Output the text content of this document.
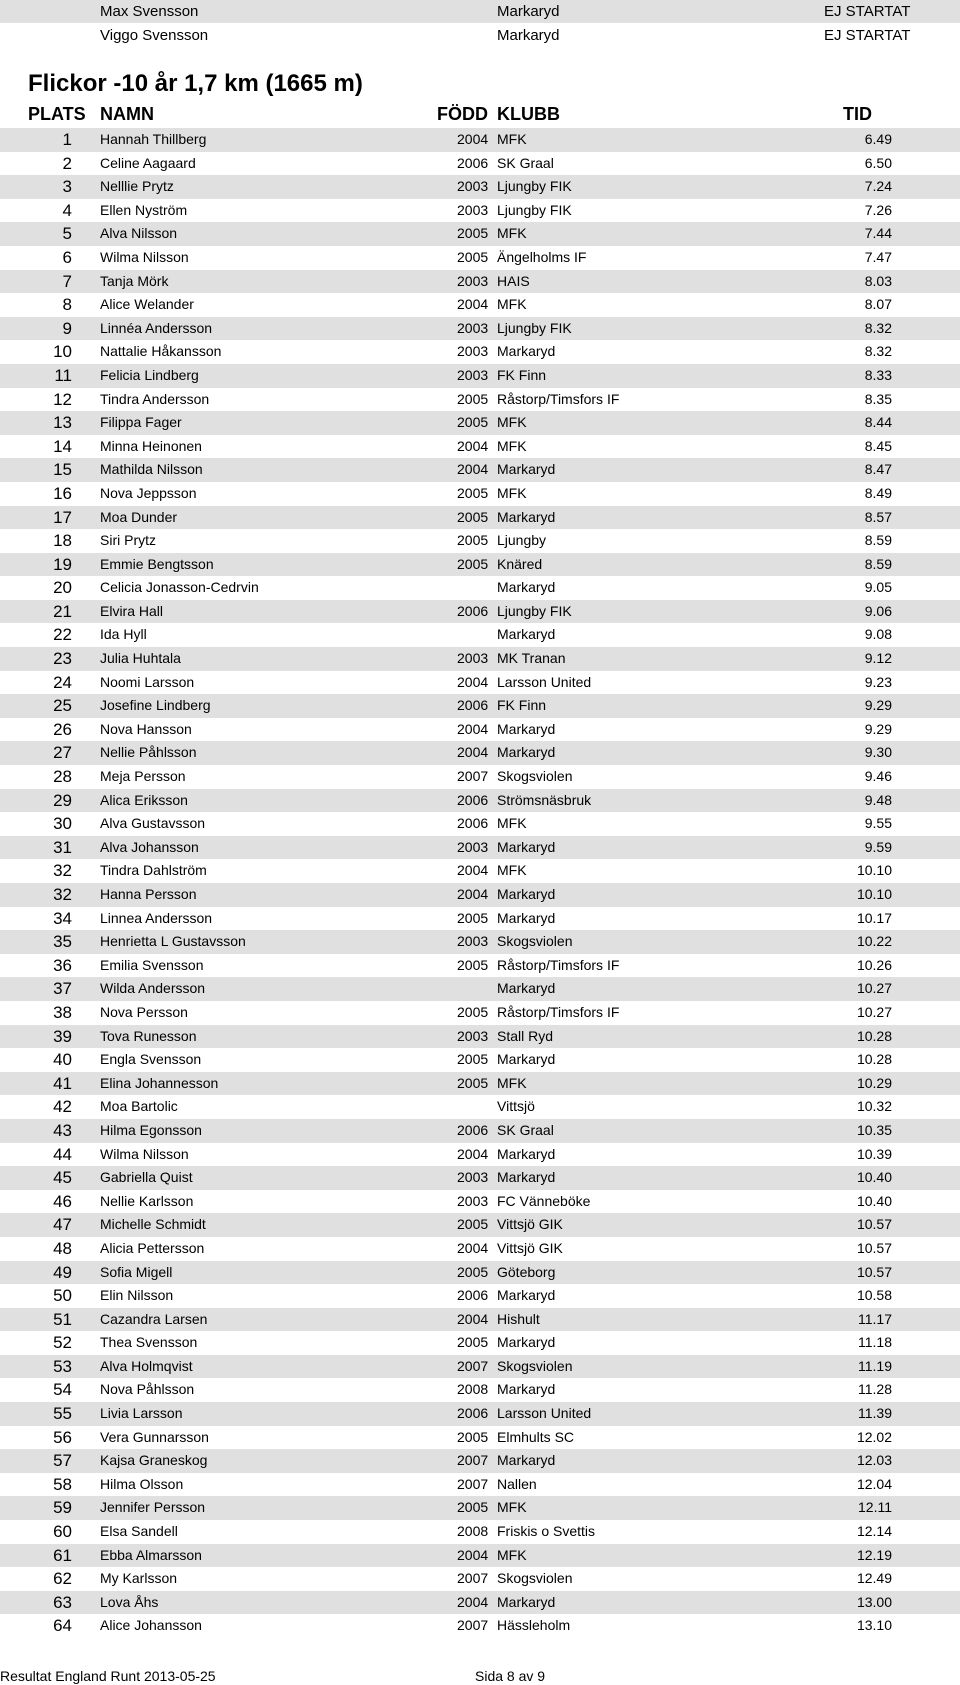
Max Svensson	Markaryd	EJ STARTAT
Viggo Svensson	Markaryd	EJ STARTAT
Flickor -10 år 1,7 km (1665 m)
PLATS NAMN	FÖDD KLUBB	TID
1 Hannah Thillberg	2004 MFK	6.49
2 Celine Aagaard	2006 SK Graal	6.50
3 Nelllie Prytz	2003 Ljungby FIK	7.24
4 Ellen Nyström	2003 Ljungby FIK	7.26
5 Alva Nilsson	2005 MFK	7.44
6 Wilma Nilsson	2005 Ängelholms IF	7.47
7 Tanja Mörk	2003 HAIS	8.03
8 Alice Welander	2004 MFK	8.07
9 Linnéa Andersson	2003 Ljungby FIK	8.32
10 Nattalie Håkansson	2003 Markaryd	8.32
11 Felicia Lindberg	2003 FK Finn	8.33
12 Tindra Andersson	2005 Råstorp/Timsfors IF	8.35
13 Filippa Fager	2005 MFK	8.44
14 Minna Heinonen	2004 MFK	8.45
15 Mathilda Nilsson	2004 Markaryd	8.47
16 Nova Jeppsson	2005 MFK	8.49
17 Moa Dunder	2005 Markaryd	8.57
18 Siri Prytz	2005 Ljungby	8.59
19 Emmie Bengtsson	2005 Knäred	8.59
20 Celicia Jonasson-Cedrvin	Markaryd	9.05
21 Elvira Hall	2006 Ljungby FIK	9.06
22 Ida Hyll	Markaryd	9.08
23 Julia Huhtala	2003 MK Tranan	9.12
24 Noomi Larsson	2004 Larsson United	9.23
25 Josefine Lindberg	2006 FK Finn	9.29
26 Nova Hansson	2004 Markaryd	9.29
27 Nellie Påhlsson	2004 Markaryd	9.30
28 Meja Persson	2007 Skogsviolen	9.46
29 Alica Eriksson	2006 Strömsnäsbruk	9.48
30 Alva Gustavsson	2006 MFK	9.55
31 Alva Johansson	2003 Markaryd	9.59
32 Tindra Dahlström	2004 MFK	10.10
32 Hanna Persson	2004 Markaryd	10.10
34 Linnea Andersson	2005 Markaryd	10.17
35 Henrietta L Gustavsson	2003 Skogsviolen	10.22
36 Emilia Svensson	2005 Råstorp/Timsfors IF	10.26
37 Wilda Andersson	Markaryd	10.27
38 Nova Persson	2005 Råstorp/Timsfors IF	10.27
39 Tova Runesson	2003 Stall Ryd	10.28
40 Engla Svensson	2005 Markaryd	10.28
41 Elina Johannesson	2005 MFK	10.29
42 Moa Bartolic	Vittsjö	10.32
43 Hilma Egonsson	2006 SK Graal	10.35
44 Wilma Nilsson	2004 Markaryd	10.39
45 Gabriella Quist	2003 Markaryd	10.40
46 Nellie Karlsson	2003 FC Vänneböke	10.40
47 Michelle Schmidt	2005 Vittsjö GIK	10.57
48 Alicia Pettersson	2004 Vittsjö GIK	10.57
49 Sofia Migell	2005 Göteborg	10.57
50 Elin Nilsson	2006 Markaryd	10.58
51 Cazandra Larsen	2004 Hishult	11.17
52 Thea Svensson	2005 Markaryd	11.18
53 Alva Holmqvist	2007 Skogsviolen	11.19
54 Nova Påhlsson	2008 Markaryd	11.28
55 Livia Larsson	2006 Larsson United	11.39
56 Vera Gunnarsson	2005 Elmhults SC	12.02
57 Kajsa Graneskog	2007 Markaryd	12.03
58 Hilma Olsson	2007 Nallen	12.04
59 Jennifer Persson	2005 MFK	12.11
60 Elsa Sandell	2008 Friskis o Svettis	12.14
61 Ebba Almarsson	2004 MFK	12.19
62 My Karlsson	2007 Skogsviolen	12.49
63 Lova Åhs	2004 Markaryd	13.00
64 Alice Johansson	2007 Hässleholm	13.10
Resultat England Runt 2013-05-25	Sida 8 av 9
